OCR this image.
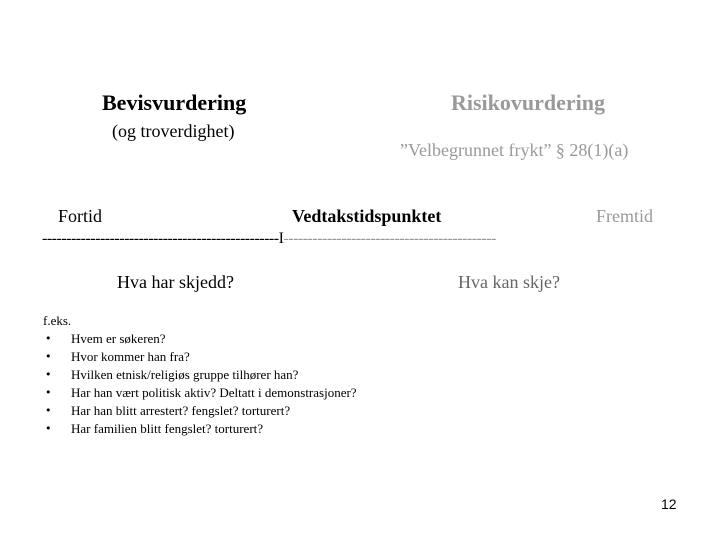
Bevisvurdering
(og troverdighet)
Risikovurdering
”Velbegrunnet frykt” § 28(1)(a)
Fortid	Vedtakstidspunktet	Fremtid
-------------------------------------------------I--------------------------------------------
Hva har skjedd?	Hva kan skje?
f.eks.
• Hvem er søkeren?
• Hvor kommer han fra?
• Hvilken etnisk/religiøs gruppe tilhører han?
• Har han vært politisk aktiv? Deltatt i demonstrasjoner?
• Har han blitt arrestert? fengslet? torturert?
• Har familien blitt fengslet? torturert?
12
